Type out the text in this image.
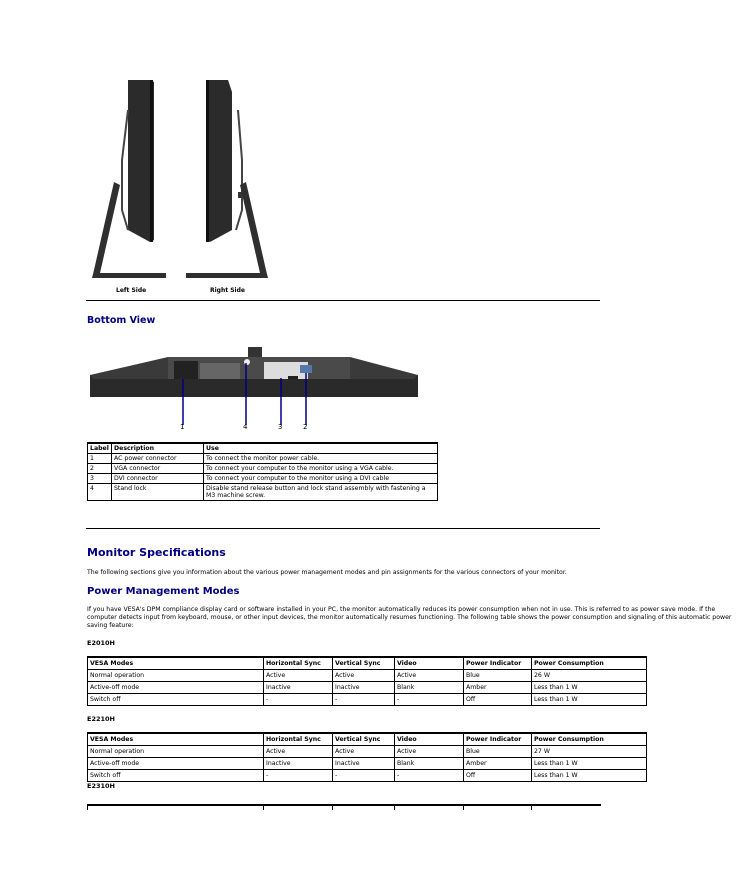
Left Side	Right Side
Bottom View
1	4	3	2
Label	Description	Use
1	AC power connector	To connect the monitor power cable.
2	VGA connector	To connect your computer to the monitor using a VGA cable.
3	DVI connector	To connect your computer to the monitor using a DVI cable
4	Stand lock	Disable stand release button and lock stand assembly with fastening a M3 machine screw.
Monitor Specifications
The following sections give you information about the various power management modes and pin assignments for the various connectors of your monitor.
Power Management Modes
If you have VESA's DPM compliance display card or software installed in your PC, the monitor automatically reduces its power consumption when not in use. This is referred to as power save mode. If the computer detects input from keyboard, mouse, or other input devices, the monitor automatically resumes functioning. The following table shows the power consumption and signaling of this automatic power saving feature:
E2010H
VESA Modes	Horizontal Sync	Vertical Sync	Video	Power Indicator	Power Consumption
Normal operation	Active	Active	Active	Blue	26 W
Active-off mode	Inactive	Inactive	Blank	Amber	Less than 1 W
Switch off	-	-	-	Off	Less than 1 W
E2210H
VESA Modes	Horizontal Sync	Vertical Sync	Video	Power Indicator	Power Consumption
Normal operation	Active	Active	Active	Blue	27 W
Active-off mode	Inactive	Inactive	Blank	Amber	Less than 1 W
Switch off	-	-	-	Off	Less than 1 W
E2310H
